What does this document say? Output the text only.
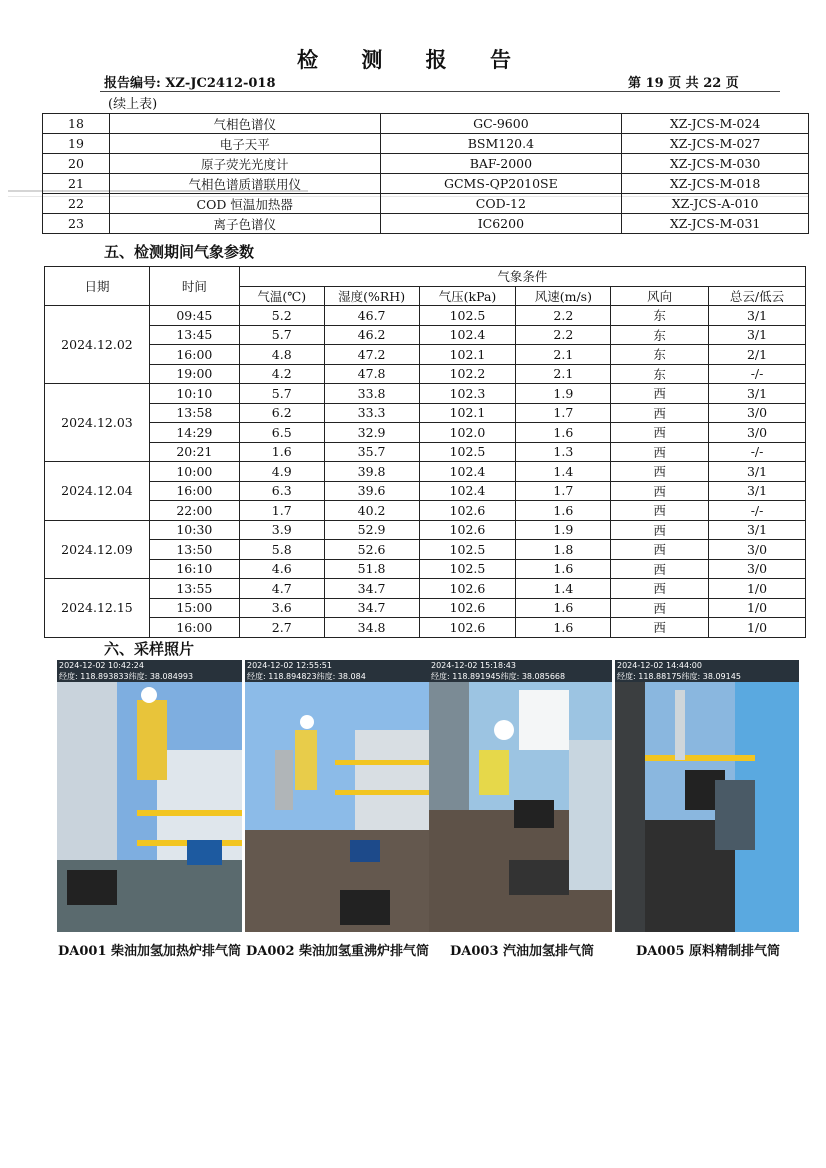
检 测 报 告
报告编号: XZ-JC2412-018	第 19 页 共 22 页
(续上表)
18	气相色谱仪	GC-9600	XZ-JCS-M-024
19	电子天平	BSM120.4	XZ-JCS-M-027
20	原子荧光光度计	BAF-2000	XZ-JCS-M-030
21	气相色谱质谱联用仪	GCMS-QP2010SE	XZ-JCS-M-018
22	COD 恒温加热器	COD-12	XZ-JCS-A-010
23	离子色谱仪	IC6200	XZ-JCS-M-031
五、检测期间气象参数
日期	时间	气象条件					
		气温(℃)	湿度(%RH)	气压(kPa)	风速(m/s)	风向	总云/低云
2024.12.02	09:45	5.2	46.7	102.5	2.2	东	3/1
	13:45	5.7	46.2	102.4	2.2	东	3/1
	16:00	4.8	47.2	102.1	2.1	东	2/1
	19:00	4.2	47.8	102.2	2.1	东	-/-
2024.12.03	10:10	5.7	33.8	102.3	1.9	西	3/1
	13:58	6.2	33.3	102.1	1.7	西	3/0
	14:29	6.5	32.9	102.0	1.6	西	3/0
	20:21	1.6	35.7	102.5	1.3	西	-/-
2024.12.04	10:00	4.9	39.8	102.4	1.4	西	3/1
	16:00	6.3	39.6	102.4	1.7	西	3/1
	22:00	1.7	40.2	102.6	1.6	西	-/-
2024.12.09	10:30	3.9	52.9	102.6	1.9	西	3/1
	13:50	5.8	52.6	102.5	1.8	西	3/0
	16:10	4.6	51.8	102.5	1.6	西	3/0
2024.12.15	13:55	4.7	34.7	102.6	1.4	西	1/0
	15:00	3.6	34.7	102.6	1.6	西	1/0
	16:00	2.7	34.8	102.6	1.6	西	1/0
六、采样照片
2024-12-02 10:42:24
经度: 118.893833纬度: 38.084993
2024-12-02 12:55:51
经度: 118.894823纬度: 38.084
2024-12-02 15:18:43
经度: 118.891945纬度: 38.085668
2024-12-02 14:44:00
经度: 118.88175纬度: 38.09145
DA001 柴油加氢加热炉排气筒 DA002 柴油加氢重沸炉排气筒 DA003 汽油加氢排气筒	DA005 原料精制排气筒
